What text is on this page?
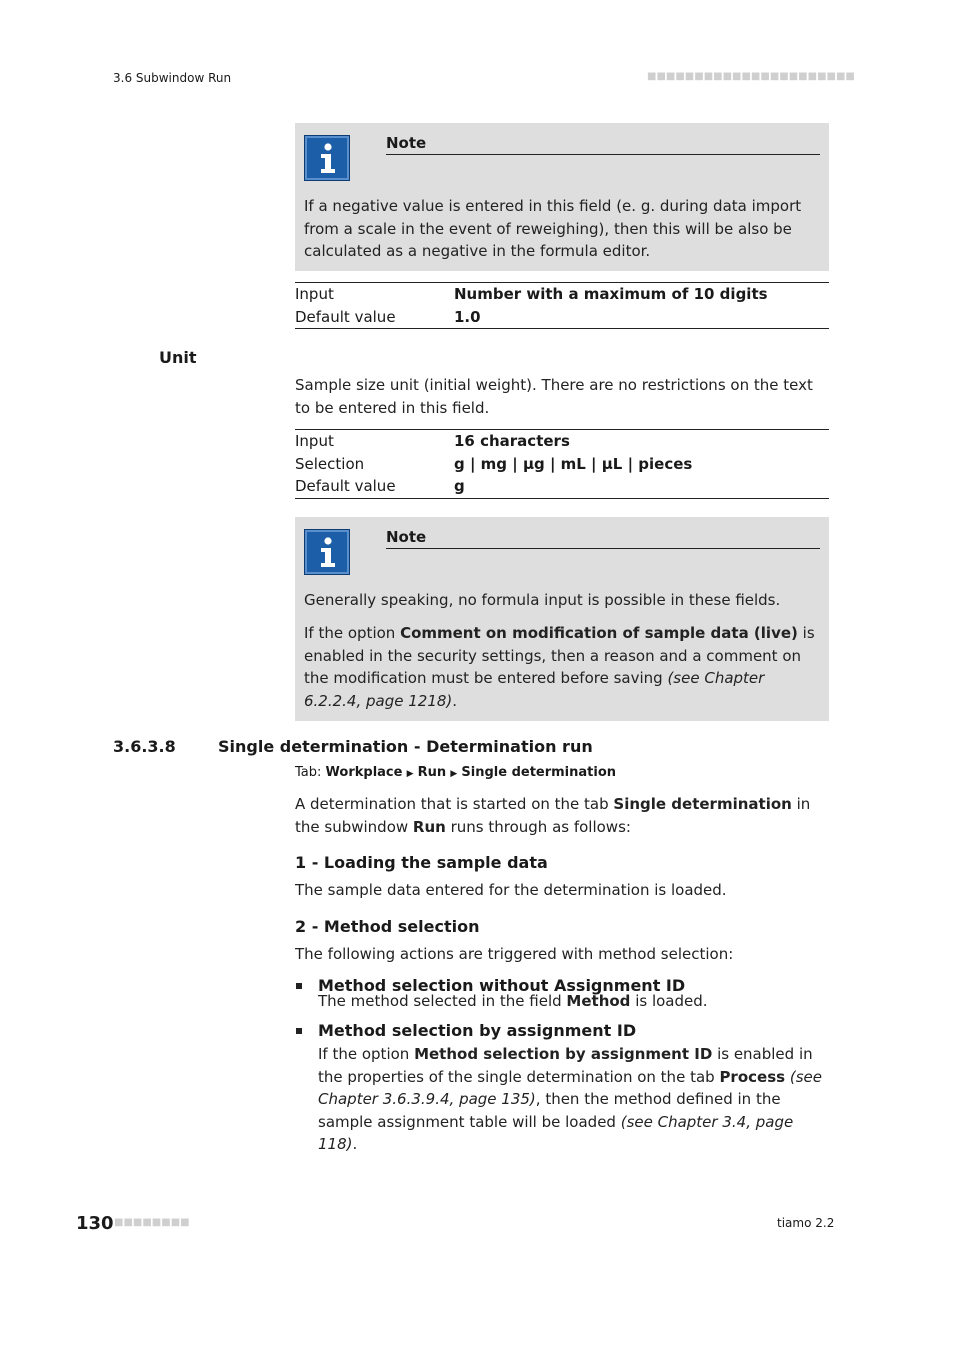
3.6 Subwindow Run	■■■■■■■■■■■■■■■■■■■■■■
Note
If a negative value is entered in this field (e. g. during data import from a scale in the event of reweighing), then this will be also be calculated as a negative in the formula editor.
Input	Number with a maximum of 10 digits
Default value	1.0
Unit
Sample size unit (initial weight). There are no restrictions on the text to be entered in this field.
Input	16 characters
Selection	g | mg | µg | mL | µL | pieces
Default value	g
Note
Generally speaking, no formula input is possible in these fields.
If the option Comment on modification of sample data (live) is enabled in the security settings, then a reason and a comment on the modification must be entered before saving (see Chapter 6.2.2.4, page 1218).
3.6.3.8	Single determination - Determination run
Tab: Workplace ▶ Run ▶ Single determination
A determination that is started on the tab Single determination in the subwindow Run runs through as follows:
1 - Loading the sample data
The sample data entered for the determination is loaded.
2 - Method selection
The following actions are triggered with method selection:
Method selection without Assignment ID
The method selected in the field Method is loaded.
Method selection by assignment ID
If the option Method selection by assignment ID is enabled in the properties of the single determination on the tab Process (see Chapter 3.6.3.9.4, page 135), then the method defined in the sample assignment table will be loaded (see Chapter 3.4, page 118).
130 ■■■■■■■■	tiamo 2.2
